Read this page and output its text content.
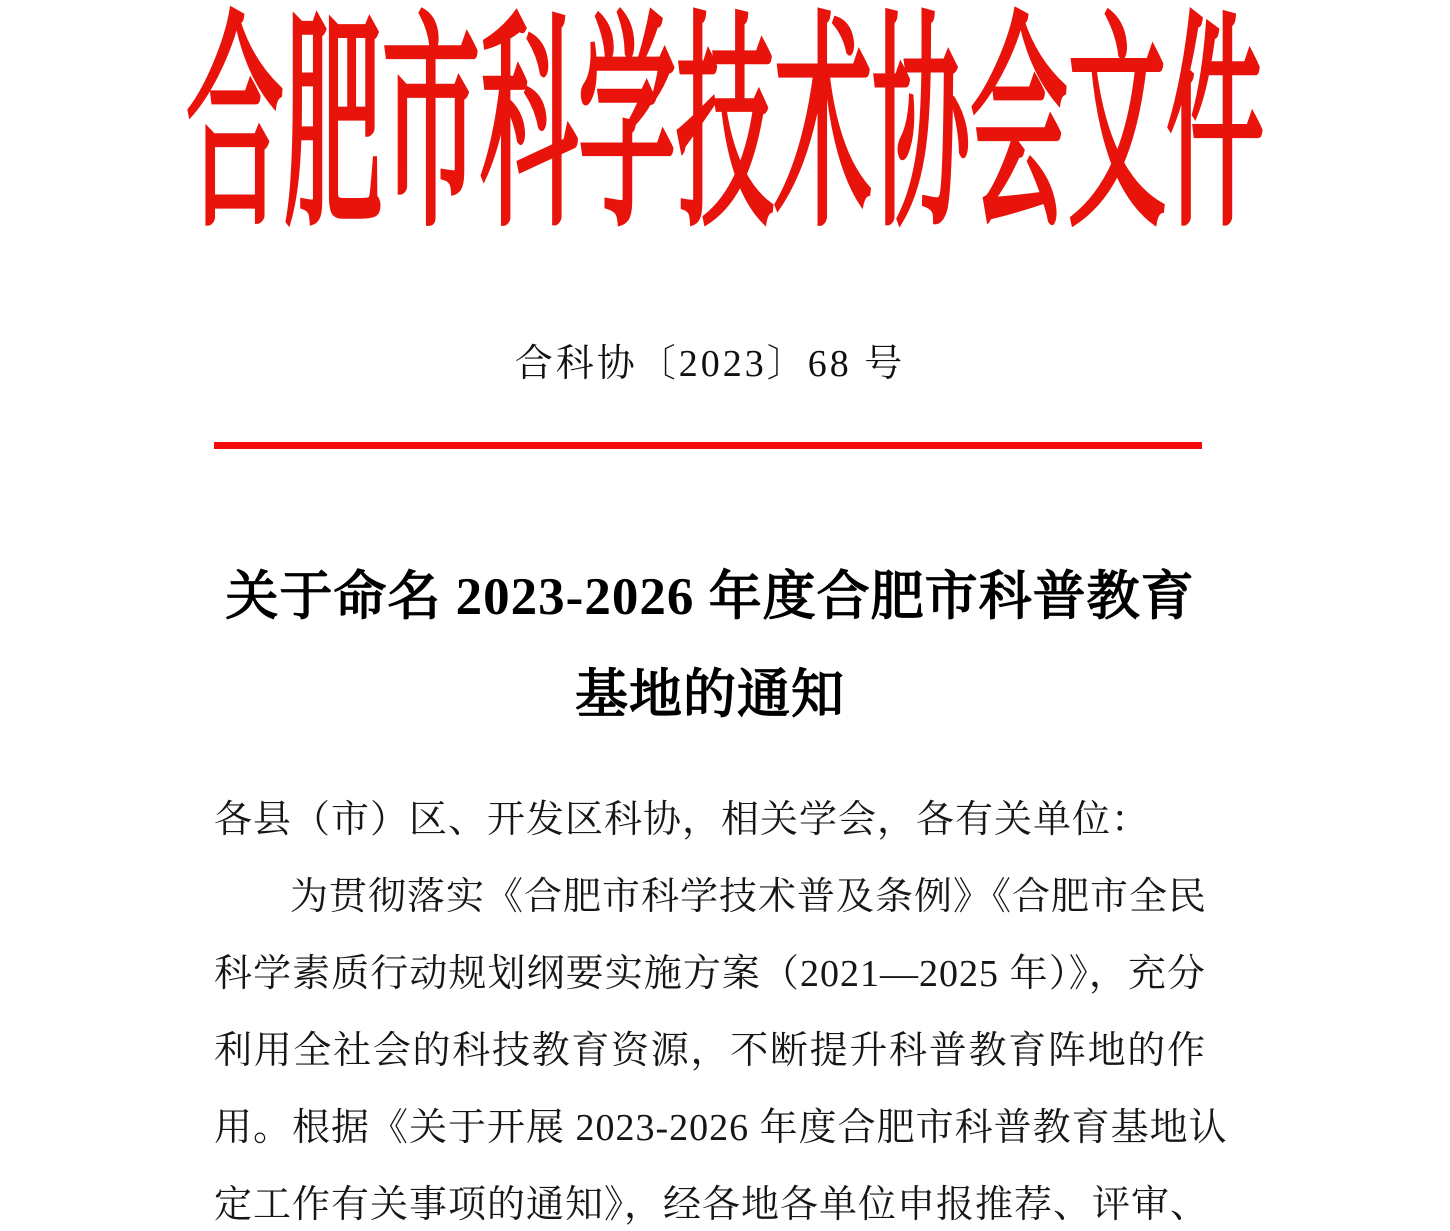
合肥市科学技术协会文件
合科协〔2023〕68 号
关于命名 2023-2026 年度合肥市科普教育
基地的通知
各县（市）区、开发区科协，相关学会，各有关单位：
为贯彻落实《合肥市科学技术普及条例》《合肥市全民
科学素质行动规划纲要实施方案（2021—2025 年）》，充分
利用全社会的科技教育资源，不断提升科普教育阵地的作
用。根据《关于开展 2023-2026 年度合肥市科普教育基地认
定工作有关事项的通知》，经各地各单位申报推荐、评审、
